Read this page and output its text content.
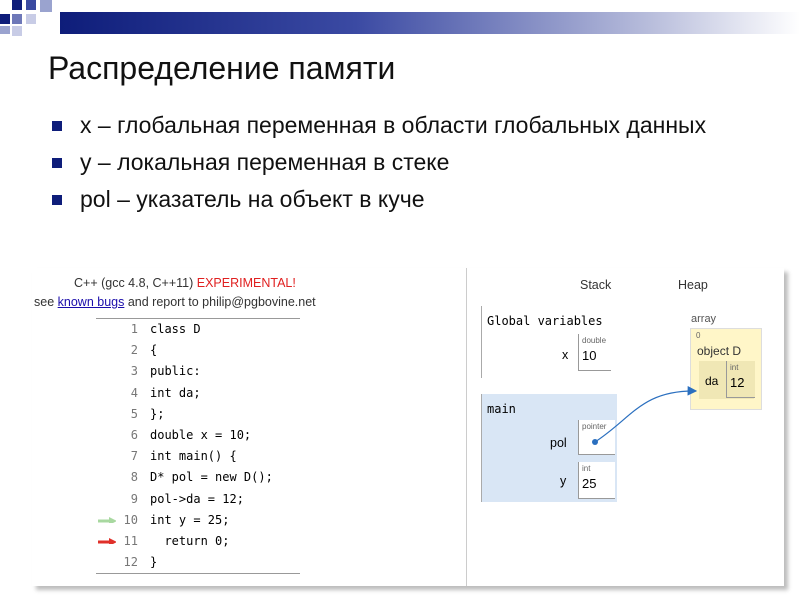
Распределение памяти
x – глобальная переменная в области глобальных данных
y – локальная переменная в стеке
pol – указатель на объект в куче
C++ (gcc 4.8, C++11) EXPERIMENTAL!
see known bugs and report to philip@pgbovine.net
1 class D
2 {
3 public:
4 int da;
5 };
6 double x = 10;
7 int main() {
8 D* pol = new D();
9 pol->da = 12;
10 int y = 25;
11 return 0;
12 }
Stack	Heap
Global variables
x
double
10
main
pol
pointer
y
int
25
array
0
object D
da
int
12
